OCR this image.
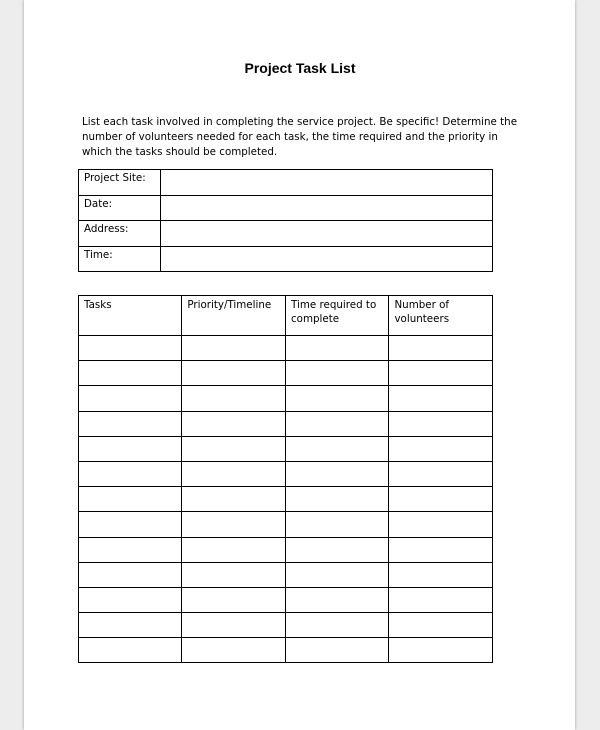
Project Task List

List each task involved in completing the service project. Be specific! Determine the number of volunteers needed for each task, the time required and the priority in which the tasks should be completed.

Project Site:	
Date:	
Address:	
Time:	
Tasks	Priority/Timeline	Time required to complete	Number of volunteers
